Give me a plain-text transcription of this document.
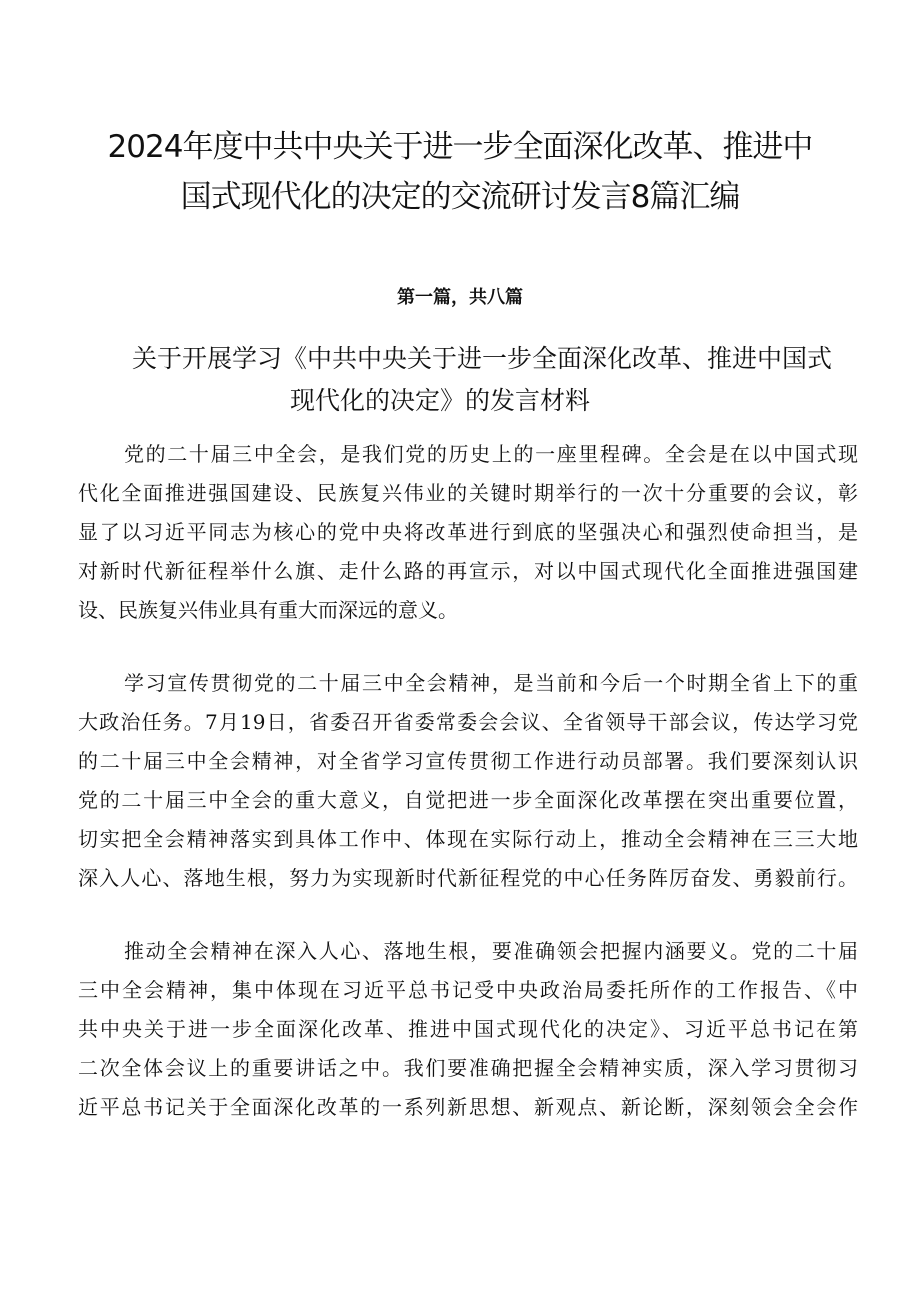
2024年度中共中央关于进一步全面深化改革、推进中
国式现代化的决定的交流研讨发言8篇汇编
第一篇，共八篇
关于开展学习《中共中央关于进一步全面深化改革、推进中国式
现代化的决定》的发言材料

党的二十届三中全会，是我们党的历史上的一座里程碑。全会是在以中国式现
代化全面推进强国建设、民族复兴伟业的关键时期举行的一次十分重要的会议，彰
显了以习近平同志为核心的党中央将改革进行到底的坚强决心和强烈使命担当，是
对新时代新征程举什么旗、走什么路的再宣示，对以中国式现代化全面推进强国建
设、民族复兴伟业具有重大而深远的意义。

学习宣传贯彻党的二十届三中全会精神，是当前和今后一个时期全省上下的重
大政治任务。7月19日，省委召开省委常委会会议、全省领导干部会议，传达学习党
的二十届三中全会精神，对全省学习宣传贯彻工作进行动员部署。我们要深刻认识
党的二十届三中全会的重大意义，自觉把进一步全面深化改革摆在突出重要位置，
切实把全会精神落实到具体工作中、体现在实际行动上，推动全会精神在三三大地
深入人心、落地生根，努力为实现新时代新征程党的中心任务阵厉奋发、勇毅前行。

推动全会精神在深入人心、落地生根，要准确领会把握内涵要义。党的二十届
三中全会精神，集中体现在习近平总书记受中央政治局委托所作的工作报告、《中
共中央关于进一步全面深化改革、推进中国式现代化的决定》、习近平总书记在第
二次全体会议上的重要讲话之中。我们要准确把握全会精神实质，深入学习贯彻习
近平总书记关于全面深化改革的一系列新思想、新观点、新论断，深刻领会全会作
